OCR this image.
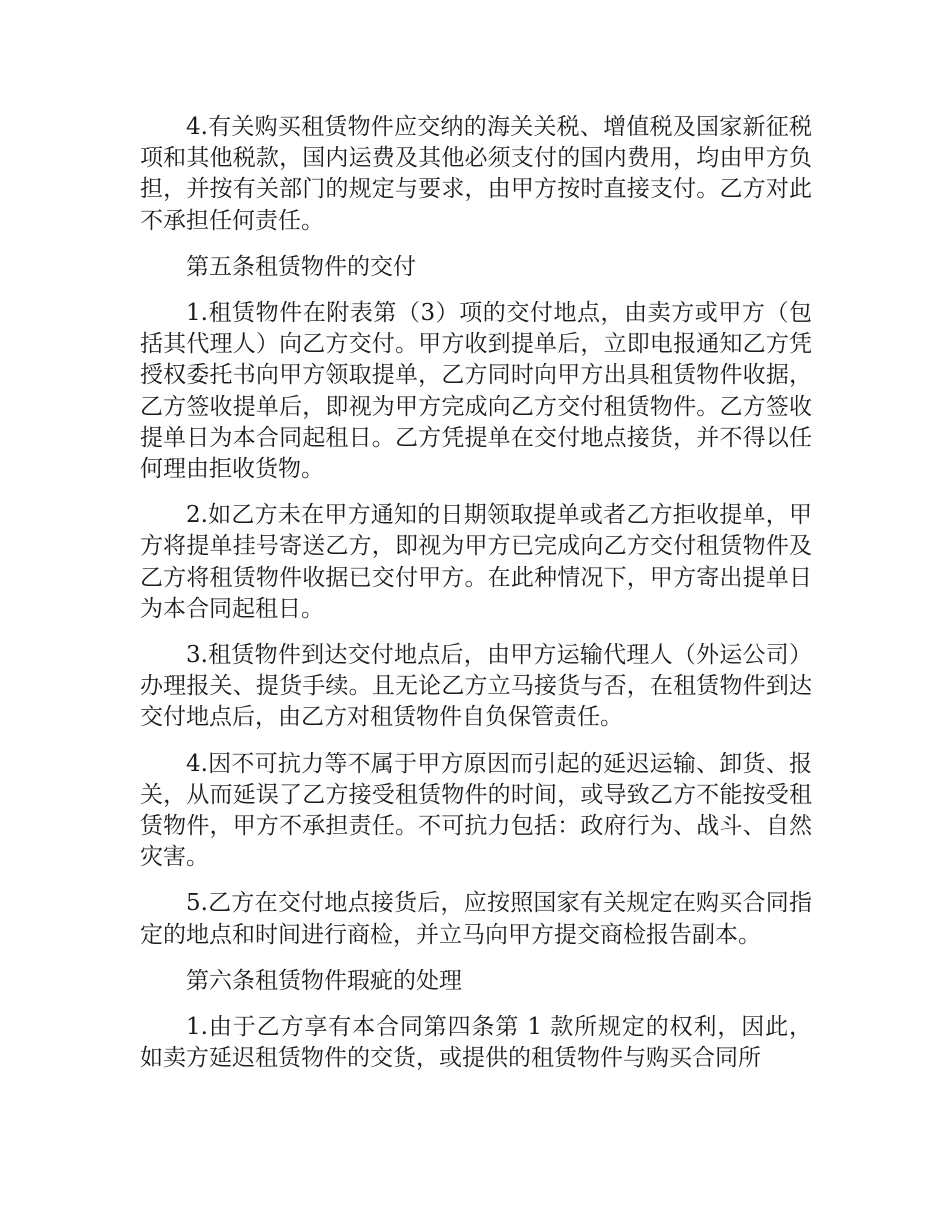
4.有关购买租赁物件应交纳的海关关税、增值税及国家新征税项和其他税款，国内运费及其他必须支付的国内费用，均由甲方负担，并按有关部门的规定与要求，由甲方按时直接支付。乙方对此不承担任何责任。

第五条租赁物件的交付

1.租赁物件在附表第（3）项的交付地点，由卖方或甲方（包括其代理人）向乙方交付。甲方收到提单后，立即电报通知乙方凭授权委托书向甲方领取提单，乙方同时向甲方出具租赁物件收据，乙方签收提单后，即视为甲方完成向乙方交付租赁物件。乙方签收提单日为本合同起租日。乙方凭提单在交付地点接货，并不得以任何理由拒收货物。

2.如乙方未在甲方通知的日期领取提单或者乙方拒收提单，甲方将提单挂号寄送乙方，即视为甲方已完成向乙方交付租赁物件及乙方将租赁物件收据已交付甲方。在此种情况下，甲方寄出提单日为本合同起租日。

3.租赁物件到达交付地点后，由甲方运输代理人（外运公司）办理报关、提货手续。且无论乙方立马接货与否，在租赁物件到达交付地点后，由乙方对租赁物件自负保管责任。

4.因不可抗力等不属于甲方原因而引起的延迟运输、卸货、报关，从而延误了乙方接受租赁物件的时间，或导致乙方不能按受租赁物件，甲方不承担责任。不可抗力包括：政府行为、战斗、自然灾害。

5.乙方在交付地点接货后，应按照国家有关规定在购买合同指定的地点和时间进行商检，并立马向甲方提交商检报告副本。

第六条租赁物件瑕疵的处理

1.由于乙方享有本合同第四条第 1 款所规定的权利，因此，如卖方延迟租赁物件的交货，或提供的租赁物件与购买合同所
